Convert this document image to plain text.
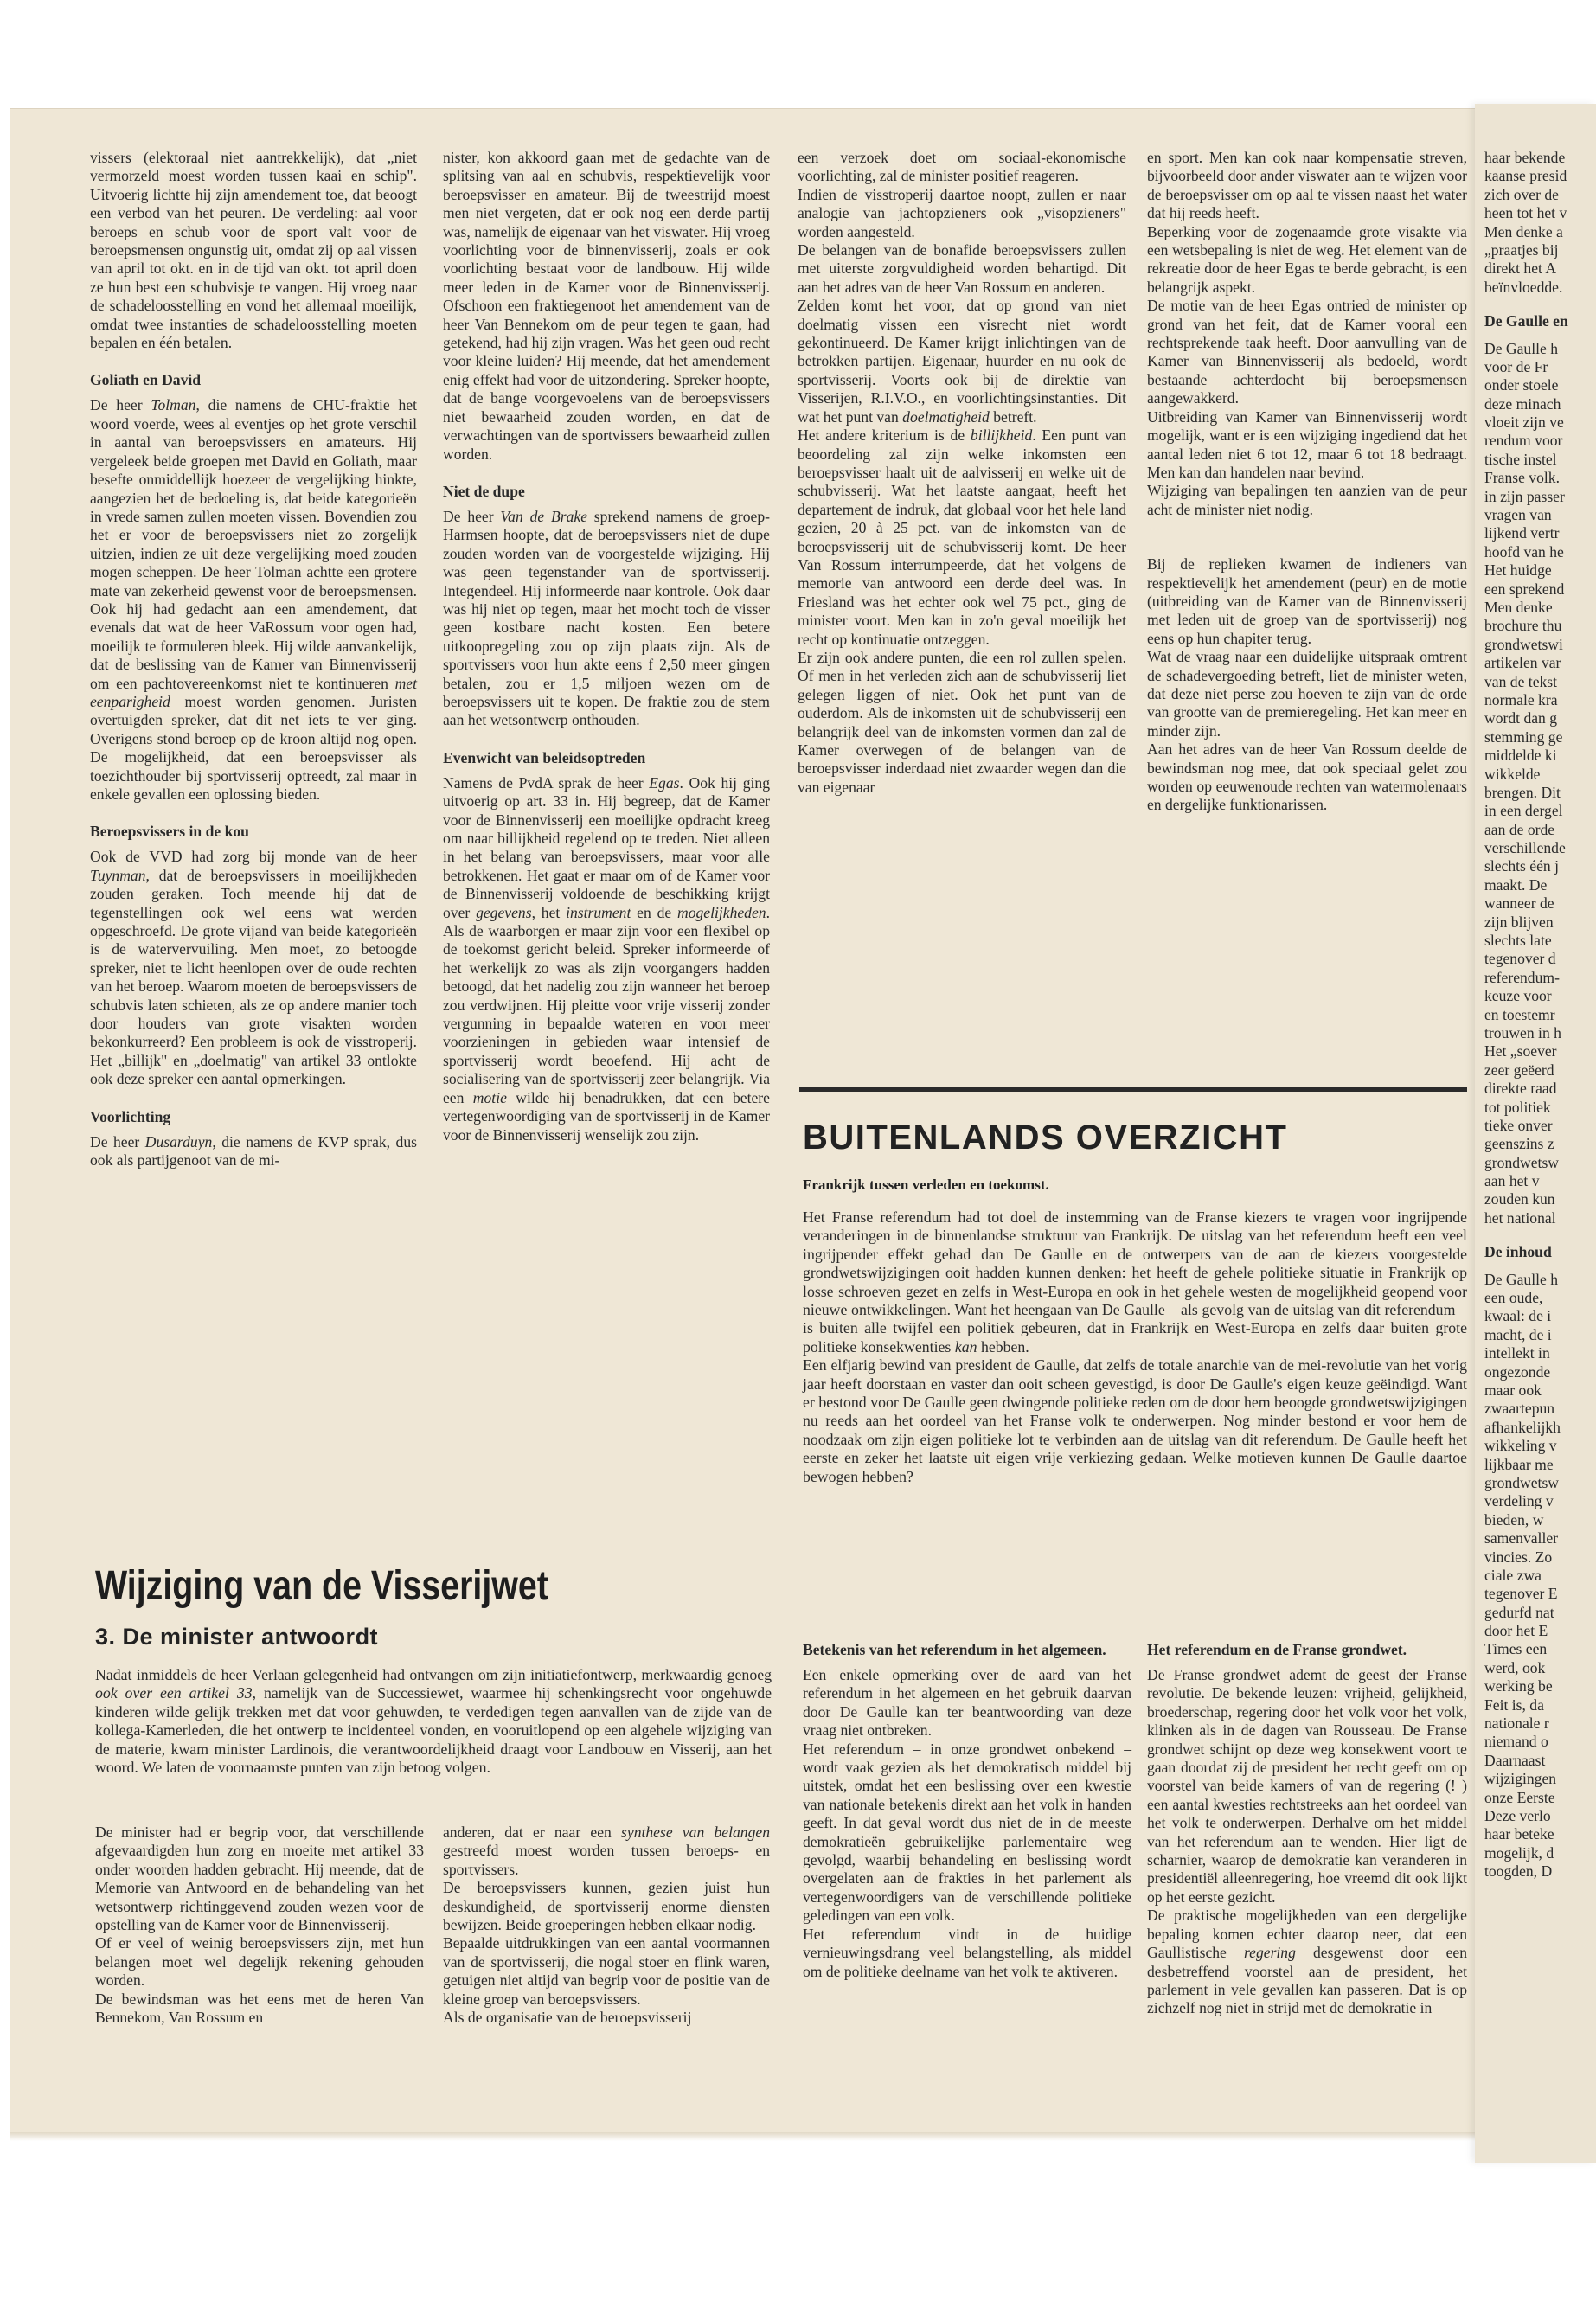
vissers (elektoraal niet aantrekkelijk), dat „niet vermorzeld moest worden tussen kaai en schip". Uitvoerig lichtte hij zijn amendement toe, dat beoogt een verbod van het peuren. De verdeling: aal voor beroeps en schub voor de sport valt voor de beroepsmensen ongunstig uit, omdat zij op aal vissen van april tot okt. en in de tijd van okt. tot april doen ze hun best een schubvisje te vangen. Hij vroeg naar de schadeloosstelling en vond het allemaal moeilijk, omdat twee instanties de schadeloosstelling moeten bepalen en één betalen.

Goliath en David

De heer Tolman, die namens de CHU-fraktie het woord voerde, wees al eventjes op het grote verschil in aantal van beroepsvissers en amateurs. Hij vergeleek beide groepen met David en Goliath, maar besefte onmiddellijk hoezeer de vergelijking hinkte, aangezien het de bedoeling is, dat beide kategorieën in vrede samen zullen moeten vissen. Bovendien zou het er voor de beroepsvissers niet zo zorgelijk uitzien, indien ze uit deze vergelijking moed zouden mogen scheppen. De heer Tolman achtte een grotere mate van zekerheid gewenst voor de beroepsmensen. Ook hij had gedacht aan een amendement, dat evenals dat wat de heer VaRossum voor ogen had, moeilijk te formuleren bleek. Hij wilde aanvankelijk, dat de beslissing van de Kamer van Binnenvisserij om een pachtovereenkomst niet te kontinueren met eenparigheid moest worden genomen. Juristen overtuigden spreker, dat dit net iets te ver ging. Overigens stond beroep op de kroon altijd nog open. De mogelijkheid, dat een beroepsvisser als toezichthouder bij sportvisserij optreedt, zal maar in enkele gevallen een oplossing bieden.

Beroepsvissers in de kou

Ook de VVD had zorg bij monde van de heer Tuynman, dat de beroepsvissers in moeilijkheden zouden geraken. Toch meende hij dat de tegenstellingen ook wel eens wat werden opgeschroefd. De grote vijand van beide kategorieën is de watervervuiling. Men moet, zo betoogde spreker, niet te licht heenlopen over de oude rechten van het beroep. Waarom moeten de beroepsvissers de schubvis laten schieten, als ze op andere manier toch door houders van grote visakten worden bekonkurreerd? Een probleem is ook de visstroperij. Het „billijk" en „doelmatig" van artikel 33 ontlokte ook deze spreker een aantal opmerkingen.

Voorlichting

De heer Dusarduyn, die namens de KVP sprak, dus ook als partijgenoot van de mi-

nister, kon akkoord gaan met de gedachte van de splitsing van aal en schubvis, respektievelijk voor beroepsvisser en amateur. Bij de tweestrijd moest men niet vergeten, dat er ook nog een derde partij was, namelijk de eigenaar van het viswater. Hij vroeg voorlichting voor de binnenvisserij, zoals er ook voorlichting bestaat voor de landbouw. Hij wilde meer leden in de Kamer voor de Binnenvisserij. Ofschoon een fraktiegenoot het amendement van de heer Van Bennekom om de peur tegen te gaan, had getekend, had hij zijn vragen. Was het geen oud recht voor kleine luiden? Hij meende, dat het amendement enig effekt had voor de uitzondering. Spreker hoopte, dat de bange voorgevoelens van de beroepsvissers niet bewaarheid zouden worden, en dat de verwachtingen van de sportvissers bewaarheid zullen worden.

Niet de dupe

De heer Van de Brake sprekend namens de groep-Harmsen hoopte, dat de beroepsvissers niet de dupe zouden worden van de voorgestelde wijziging. Hij was geen tegenstander van de sportvisserij. Integendeel. Hij informeerde naar kontrole. Ook daar was hij niet op tegen, maar het mocht toch de visser geen kostbare nacht kosten. Een betere uitkoopregeling zou op zijn plaats zijn. Als de sportvissers voor hun akte eens f 2,50 meer gingen betalen, zou er 1,5 miljoen wezen om de beroepsvissers uit te kopen. De fraktie zou de stem aan het wetsontwerp onthouden.

Evenwicht van beleidsoptreden

Namens de PvdA sprak de heer Egas. Ook hij ging uitvoerig op art. 33 in. Hij begreep, dat de Kamer voor de Binnenvisserij een moeilijke opdracht kreeg om naar billijkheid regelend op te treden. Niet alleen in het belang van beroepsvissers, maar voor alle betrokkenen. Het gaat er maar om of de Kamer voor de Binnenvisserij voldoende de beschikking krijgt over gegevens, het instrument en de mogelijkheden. Als de waarborgen er maar zijn voor een flexibel op de toekomst gericht beleid. Spreker informeerde of het werkelijk zo was als zijn voorgangers hadden betoogd, dat het nadelig zou zijn wanneer het beroep zou verdwijnen. Hij pleitte voor vrije visserij zonder vergunning in bepaalde wateren en voor meer voorzieningen in gebieden waar intensief de sportvisserij wordt beoefend. Hij acht de socialisering van de sportvisserij zeer belangrijk. Via een motie wilde hij benadrukken, dat een betere vertegenwoordiging van de sportvisserij in de Kamer voor de Binnenvisserij wenselijk zou zijn.

een verzoek doet om sociaal-ekonomische voorlichting, zal de minister positief reageren.

Indien de visstroperij daartoe noopt, zullen er naar analogie van jachtopzieners ook „visopzieners" worden aangesteld.

De belangen van de bonafide beroepsvissers zullen met uiterste zorgvuldigheid worden behartigd. Dit aan het adres van de heer Van Rossum en anderen.

Zelden komt het voor, dat op grond van niet doelmatig vissen een visrecht niet wordt gekontinueerd. De Kamer krijgt inlichtingen van de betrokken partijen. Eigenaar, huurder en nu ook de sportvisserij. Voorts ook bij de direktie van Visserijen, R.I.V.O., en voorlichtingsinstanties. Dit wat het punt van doelmatigheid betreft.

Het andere kriterium is de billijkheid. Een punt van beoordeling zal zijn welke inkomsten een beroepsvisser haalt uit de aalvisserij en welke uit de schubvisserij. Wat het laatste aangaat, heeft het departement de indruk, dat globaal voor het hele land gezien, 20 à 25 pct. van de inkomsten van de beroepsvisserij uit de schubvisserij komt. De heer Van Rossum interrumpeerde, dat het volgens de memorie van antwoord een derde deel was. In Friesland was het echter ook wel 75 pct., ging de minister voort. Men kan in zo'n geval moeilijk het recht op kontinuatie ontzeggen.

Er zijn ook andere punten, die een rol zullen spelen. Of men in het verleden zich aan de schubvisserij liet gelegen liggen of niet. Ook het punt van de ouderdom. Als de inkomsten uit de schubvisserij een belangrijk deel van de inkomsten vormen dan zal de Kamer overwegen of de belangen van de beroepsvisser inderdaad niet zwaarder wegen dan die van eigenaar

en sport. Men kan ook naar kompensatie streven, bijvoorbeeld door ander viswater aan te wijzen voor de beroepsvisser om op aal te vissen naast het water dat hij reeds heeft.

Beperking voor de zogenaamde grote visakte via een wetsbepaling is niet de weg. Het element van de rekreatie door de heer Egas te berde gebracht, is een belangrijk aspekt.

De motie van de heer Egas ontried de minister op grond van het feit, dat de Kamer vooral een rechtsprekende taak heeft. Door aanvulling van de Kamer van Binnenvisserij als bedoeld, wordt bestaande achterdocht bij beroepsmensen aangewakkerd.

Uitbreiding van Kamer van Binnenvisserij wordt mogelijk, want er is een wijziging ingediend dat het aantal leden niet 6 tot 12, maar 6 tot 18 bedraagt. Men kan dan handelen naar bevind.

Wijziging van bepalingen ten aanzien van de peur acht de minister niet nodig.

Bij de replieken kwamen de indieners van respektievelijk het amendement (peur) en de motie (uitbreiding van de Kamer van de Binnenvisserij met leden uit de groep van de sportvisserij) nog eens op hun chapiter terug.

Wat de vraag naar een duidelijke uitspraak omtrent de schadevergoeding betreft, liet de minister weten, dat deze niet perse zou hoeven te zijn van de orde van grootte van de premieregeling. Het kan meer en minder zijn.

Aan het adres van de heer Van Rossum deelde de bewindsman nog mee, dat ook speciaal gelet zou worden op eeuwenoude rechten van watermolenaars en dergelijke funktionarissen.

BUITENLANDS OVERZICHT
Frankrijk tussen verleden en toekomst.

Het Franse referendum had tot doel de instemming van de Franse kiezers te vragen voor ingrijpende veranderingen in de binnenlandse struktuur van Frankrijk. De uitslag van het referendum heeft een veel ingrijpender effekt gehad dan De Gaulle en de ontwerpers van de aan de kiezers voorgestelde grondwetswijzigingen ooit hadden kunnen denken: het heeft de gehele politieke situatie in Frankrijk op losse schroeven gezet en zelfs in West-Europa en ook in het gehele westen de mogelijkheid geopend voor nieuwe ontwikkelingen. Want het heengaan van De Gaulle – als gevolg van de uitslag van dit referendum – is buiten alle twijfel een politiek gebeuren, dat in Frankrijk en West-Europa en zelfs daar buiten grote politieke konsekwenties kan hebben.

Een elfjarig bewind van president de Gaulle, dat zelfs de totale anarchie van de mei-revolutie van het vorig jaar heeft doorstaan en vaster dan ooit scheen gevestigd, is door De Gaulle's eigen keuze geëindigd. Want er bestond voor De Gaulle geen dwingende politieke reden om de door hem beoogde grondwetswijzigingen nu reeds aan het oordeel van het Franse volk te onderwerpen. Nog minder bestond er voor hem de noodzaak om zijn eigen politieke lot te verbinden aan de uitslag van dit referendum. De Gaulle heeft het eerste en zeker het laatste uit eigen vrije verkiezing gedaan. Welke motieven kunnen De Gaulle daartoe bewogen hebben?

Betekenis van het referendum in het algemeen.

Een enkele opmerking over de aard van het referendum in het algemeen en het gebruik daarvan door De Gaulle kan ter beantwoording van deze vraag niet ontbreken.

Het referendum – in onze grondwet onbekend – wordt vaak gezien als het demokratisch middel bij uitstek, omdat het een beslissing over een kwestie van nationale betekenis direkt aan het volk in handen geeft. In dat geval wordt dus niet de in de meeste demokratieën gebruikelijke parlementaire weg gevolgd, waarbij behandeling en beslissing wordt overgelaten aan de frakties in het parlement als vertegenwoordigers van de verschillende politieke geledingen van een volk.

Het referendum vindt in de huidige vernieuwingsdrang veel belangstelling, als middel om de politieke deelname van het volk te aktiveren.

Het referendum en de Franse grondwet.

De Franse grondwet ademt de geest der Franse revolutie. De bekende leuzen: vrijheid, gelijkheid, broederschap, regering door het volk voor het volk, klinken als in de dagen van Rousseau. De Franse grondwet schijnt op deze weg konsekwent voort te gaan doordat zij de president het recht geeft om op voorstel van beide kamers of van de regering (! ) een aantal kwesties rechtstreeks aan het oordeel van het volk te onderwerpen. Derhalve om het middel van het referendum aan te wenden. Hier ligt de scharnier, waarop de demokratie kan veranderen in presidentiël alleenregering, hoe vreemd dit ook lijkt op het eerste gezicht.

De praktische mogelijkheden van een dergelijke bepaling komen echter daarop neer, dat een Gaullistische regering desgewenst door een desbetreffend voorstel aan de president, het parlement in vele gevallen kan passeren. Dat is op zichzelf nog niet in strijd met de demokratie in

Wijziging van de Visserijwet
3. De minister antwoordt

Nadat inmiddels de heer Verlaan gelegenheid had ontvangen om zijn initiatiefontwerp, merkwaardig genoeg ook over een artikel 33, namelijk van de Successiewet, waarmee hij schenkingsrecht voor ongehuwde kinderen wilde gelijk trekken met dat voor gehuwden, te verdedigen tegen aanvallen van de zijde van de kollega-Kamerleden, die het ontwerp te incidenteel vonden, en vooruitlopend op een algehele wijziging van de materie, kwam minister Lardinois, die verantwoordelijkheid draagt voor Landbouw en Visserij, aan het woord. We laten de voornaamste punten van zijn betoog volgen.

De minister had er begrip voor, dat verschillende afgevaardigden hun zorg en moeite met artikel 33 onder woorden hadden gebracht. Hij meende, dat de Memorie van Antwoord en de behandeling van het wetsontwerp richtinggevend zouden wezen voor de opstelling van de Kamer voor de Binnenvisserij.

Of er veel of weinig beroepsvissers zijn, met hun belangen moet wel degelijk rekening gehouden worden.

De bewindsman was het eens met de heren Van Bennekom, Van Rossum en

anderen, dat er naar een synthese van belangen gestreefd moest worden tussen beroeps- en sportvissers.

De beroepsvissers kunnen, gezien juist hun deskundigheid, de sportvisserij enorme diensten bewijzen. Beide groeperingen hebben elkaar nodig.

Bepaalde uitdrukkingen van een aantal voormannen van de sportvisserij, die nogal stoer en flink waren, getuigen niet altijd van begrip voor de positie van de kleine groep van beroepsvissers.

Als de organisatie van de beroepsvisserij

haar bekende
kaanse presid
zich over de
heen tot het v
Men denke a
„praatjes bij
direkt het A
beïnvloedde.
De Gaulle en
De Gaulle h
voor de Fr
onder stoele
deze minach
vloeit zijn ve
rendum voor
tische instel
Franse volk.
in zijn passer
vragen van
lijkend vertr
hoofd van he
Het huidge
een sprekend
Men denke
brochure thu
grondwetswi
artikelen var
van de tekst
normale kra
wordt dan g
stemming ge
middelde ki
wikkelde
brengen. Dit
in een dergel
aan de orde
verschillende
slechts één j
maakt. De
wanneer de
zijn blijven
slechts late
tegenover d
referendum-
keuze voor
en toestemr
trouwen in h
Het „soever
zeer geëerd
direkte raad
tot politiek
tieke onver
geenszins z
grondwetsw
aan het v
zouden kun
het national
De inhoud
De Gaulle h
een oude,
kwaal: de i
macht, de i
intellekt in
ongezonde
maar ook
zwaartepun
afhankelijkh
wikkeling v
lijkbaar me
grondwetsw
verdeling v
bieden, w
samenvaller
vincies. Zo
ciale zwa
tegenover E
gedurfd nat
door het E
Times een
werd, ook
werking be
Feit is, da
nationale r
niemand o
Daarnaast
wijzigingen
onze Eerste
Deze verlo
haar beteke
mogelijk, d
toogden, D
